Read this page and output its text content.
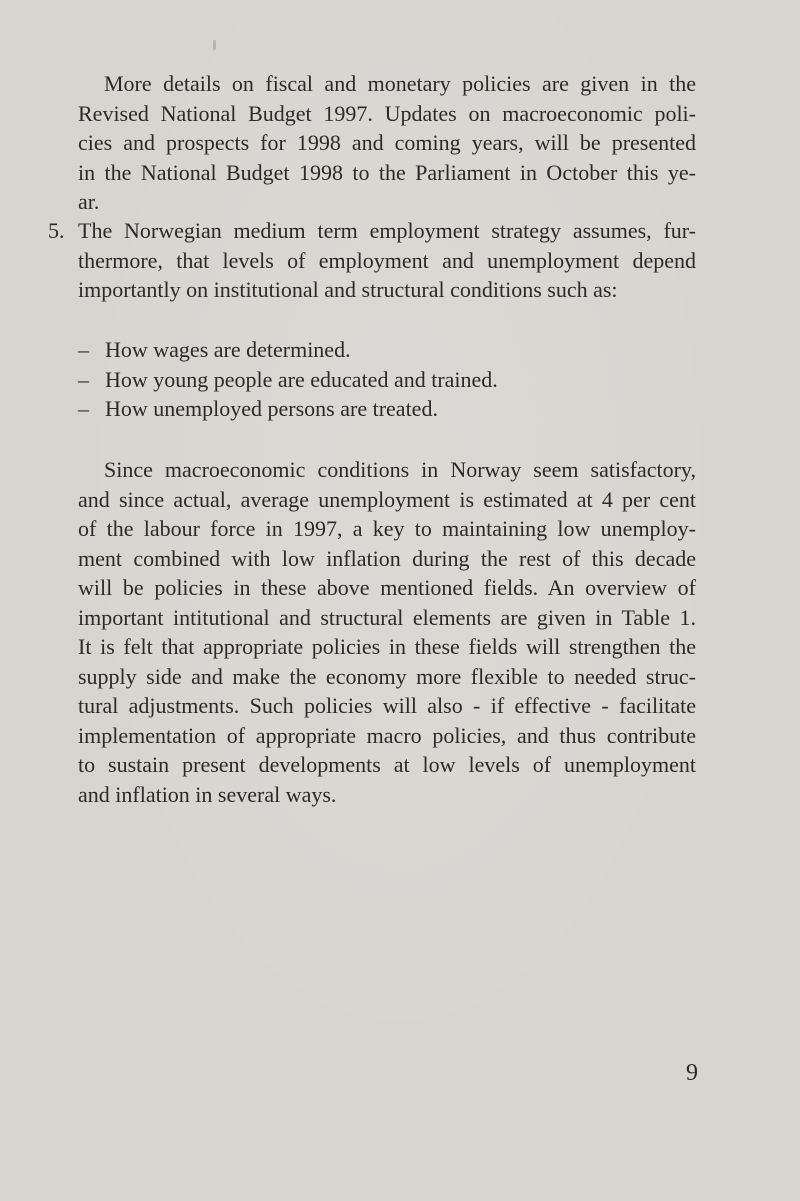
More details on fiscal and monetary policies are given in the
Revised National Budget 1997. Updates on macroeconomic poli-
cies and prospects for 1998 and coming years, will be presented
in the National Budget 1998 to the Parliament in October this ye-
ar.
5. The Norwegian medium term employment strategy assumes, fur-
thermore, that levels of employment and unemployment depend
importantly on institutional and structural conditions such as:
– How wages are determined.
– How young people are educated and trained.
– How unemployed persons are treated.
Since macroeconomic conditions in Norway seem satisfactory,
and since actual, average unemployment is estimated at 4 per cent
of the labour force in 1997, a key to maintaining low unemploy-
ment combined with low inflation during the rest of this decade
will be policies in these above mentioned fields. An overview of
important intitutional and structural elements are given in Table 1.
It is felt that appropriate policies in these fields will strengthen the
supply side and make the economy more flexible to needed struc-
tural adjustments. Such policies will also - if effective - facilitate
implementation of appropriate macro policies, and thus contribute
to sustain present developments at low levels of unemployment
and inflation in several ways.
9
